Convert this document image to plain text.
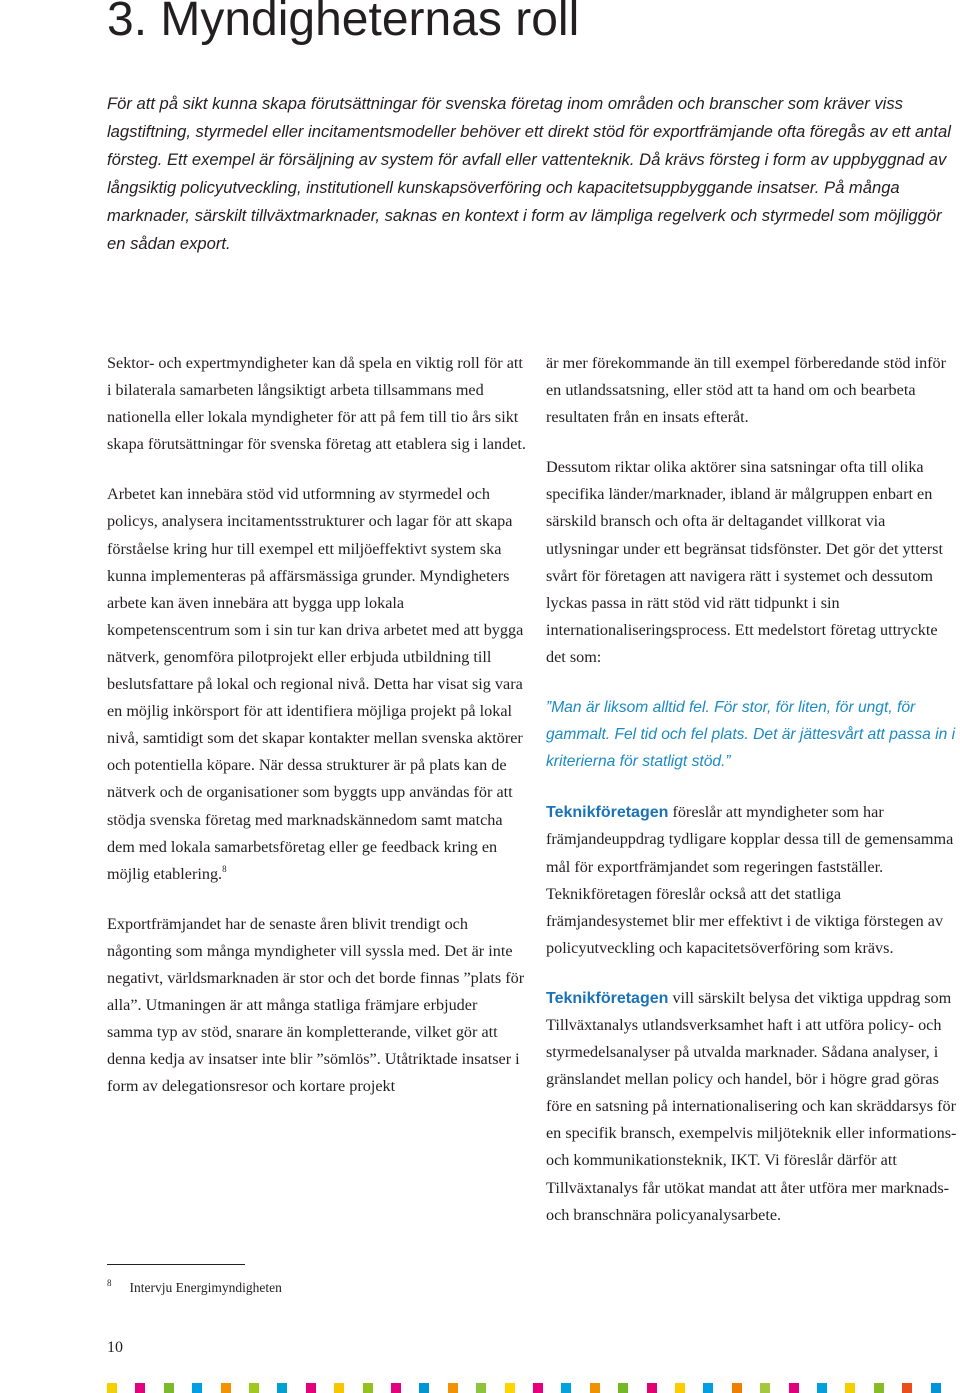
3. Myndigheternas roll

För att på sikt kunna skapa förutsättningar för svenska företag inom områden och branscher som kräver viss lagstiftning, styrmedel eller incitamentsmodeller behöver ett direkt stöd för exportfrämjande ofta föregås av ett antal försteg. Ett exempel är försäljning av system för avfall eller vattenteknik. Då krävs försteg i form av uppbyggnad av långsiktig policyutveckling, institutionell kunskapsöverföring och kapacitetsuppbyggande insatser. På många marknader, särskilt tillväxtmarknader, saknas en kontext i form av lämpliga regelverk och styrmedel som möjliggör en sådan export.

Sektor- och expertmyndigheter kan då spela en viktig roll för att i bilaterala samarbeten långsiktigt arbeta tillsammans med nationella eller lokala myndigheter för att på fem till tio års sikt skapa förutsättningar för svenska företag att etablera sig i landet.

Arbetet kan innebära stöd vid utformning av styrmedel och policys, analysera incitamentsstrukturer och lagar för att skapa förståelse kring hur till exempel ett miljöeffektivt system ska kunna implementeras på affärsmässiga grunder. Myndigheters arbete kan även innebära att bygga upp lokala kompetenscentrum som i sin tur kan driva arbetet med att bygga nätverk, genomföra pilotprojekt eller erbjuda utbildning till beslutsfattare på lokal och regional nivå. Detta har visat sig vara en möjlig inkörsport för att identifiera möjliga projekt på lokal nivå, samtidigt som det skapar kontakter mellan svenska aktörer och potentiella köpare. När dessa strukturer är på plats kan de nätverk och de organisationer som byggts upp användas för att stödja svenska företag med marknadskännedom samt matcha dem med lokala samarbetsföretag eller ge feedback kring en möjlig etablering.$^8$

Exportfrämjandet har de senaste åren blivit trendigt och någonting som många myndigheter vill syssla med. Det är inte negativt, världsmarknaden är stor och det borde finnas ”plats för alla”. Utmaningen är att många statliga främjare erbjuder samma typ av stöd, snarare än kompletterande, vilket gör att denna kedja av insatser inte blir ”sömlös”. Utåtriktade insatser i form av delegationsresor och kortare projekt

är mer förekommande än till exempel förberedande stöd inför en utlandssatsning, eller stöd att ta hand om och bearbeta resultaten från en insats efteråt.

Dessutom riktar olika aktörer sina satsningar ofta till olika specifika länder/marknader, ibland är målgruppen enbart en särskild bransch och ofta är deltagandet villkorat via utlysningar under ett begränsat tidsfönster. Det gör det ytterst svårt för företagen att navigera rätt i systemet och dessutom lyckas passa in rätt stöd vid rätt tidpunkt i sin internationaliseringsprocess. Ett medelstort företag uttryckte det som:

”Man är liksom alltid fel. För stor, för liten, för ungt, för gammalt. Fel tid och fel plats. Det är jättesvårt att passa in i kriterierna för statligt stöd.”

Teknikföretagen föreslår att myndigheter som har främjandeuppdrag tydligare kopplar dessa till de gemensamma mål för exportfrämjandet som regeringen fastställer. Teknikföretagen föreslår också att det statliga främjandesystemet blir mer effektivt i de viktiga förstegen av policyutveckling och kapacitetsöverföring som krävs.

Teknikföretagen vill särskilt belysa det viktiga uppdrag som Tillväxtanalys utlandsverksamhet haft i att utföra policy- och styrmedelsanalyser på utvalda marknader. Sådana analyser, i gränslandet mellan policy och handel, bör i högre grad göras före en satsning på internationalisering och kan skräddarsys för en specifik bransch, exempelvis miljöteknik eller informations- och kommunikationsteknik, IKT. Vi föreslår därför att Tillväxtanalys får utökat mandat att åter utföra mer marknads- och branschnära policyanalysarbete.

$^8$ Intervju Energimyndigheten

10
